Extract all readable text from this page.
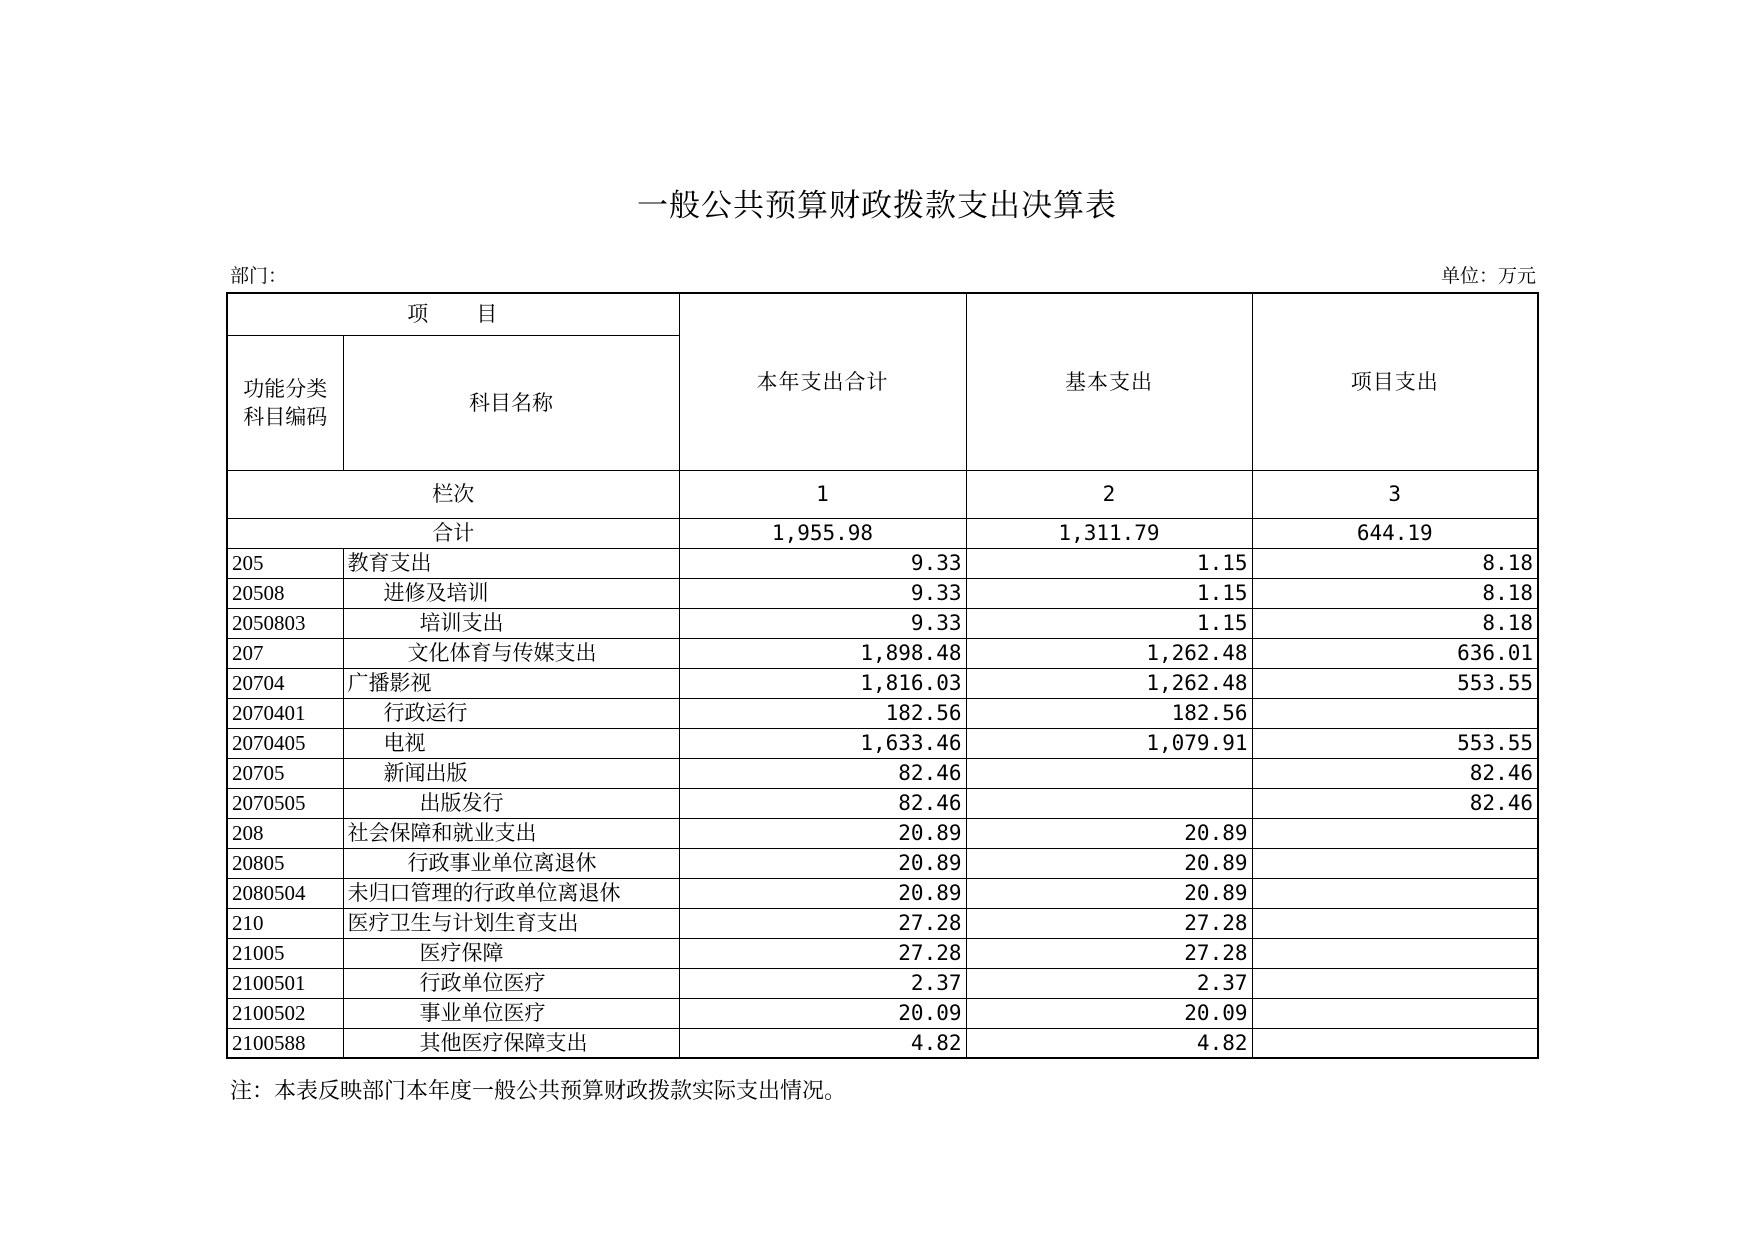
一般公共预算财政拨款支出决算表
部门：	单位：万元
项　　目		本年支出合计	基本支出	项目支出

功能分类
科目编码	科目名称			
栏次		1	2	3
合计		1,955.98	1,311.79	644.19
205	教育支出	9.33	1.15	8.18
20508	进修及培训	9.33	1.15	8.18
2050803	培训支出	9.33	1.15	8.18
207	文化体育与传媒支出	1,898.48	1,262.48	636.01
20704	广播影视	1,816.03	1,262.48	553.55
2070401	行政运行	182.56	182.56	
2070405	电视	1,633.46	1,079.91	553.55
20705	新闻出版	82.46		82.46
2070505	出版发行	82.46		82.46
208	社会保障和就业支出	20.89	20.89	
20805	行政事业单位离退休	20.89	20.89	
2080504	未归口管理的行政单位离退休	20.89	20.89	
210	医疗卫生与计划生育支出	27.28	27.28	
21005	医疗保障	27.28	27.28	
2100501	行政单位医疗	2.37	2.37	
2100502	事业单位医疗	20.09	20.09	
2100588	其他医疗保障支出	4.82	4.82	
注：本表反映部门本年度一般公共预算财政拨款实际支出情况。
